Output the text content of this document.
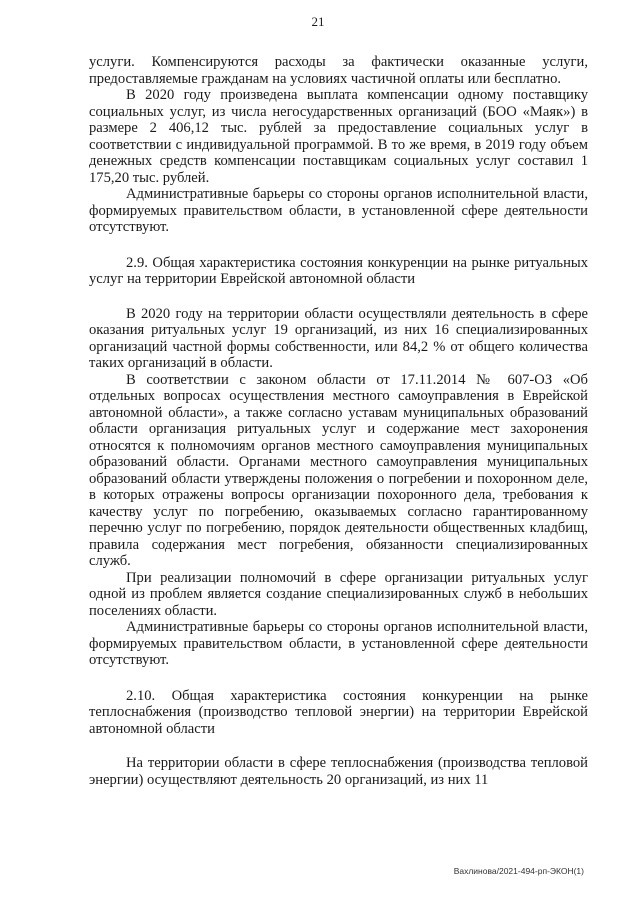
21

услуги. Компенсируются расходы за фактически оказанные услуги, предоставляемые гражданам на условиях частичной оплаты или бесплатно.

В 2020 году произведена выплата компенсации одному поставщику социальных услуг, из числа негосударственных организаций (БОО «Маяк») в размере 2 406,12 тыс. рублей за предоставление социальных услуг в соответствии с индивидуальной программой. В то же время, в 2019 году объем денежных средств компенсации поставщикам социальных услуг составил 1 175,20 тыс. рублей.

Административные барьеры со стороны органов исполнительной власти, формируемых правительством области, в установленной сфере деятельности отсутствуют.

2.9. Общая характеристика состояния конкуренции на рынке ритуальных услуг на территории Еврейской автономной области

В 2020 году на территории области осуществляли деятельность в сфере оказания ритуальных услуг 19 организаций, из них 16 специализированных организаций частной формы собственности, или 84,2 % от общего количества таких организаций в области.

В соответствии с законом области от 17.11.2014 № 607-ОЗ «Об отдельных вопросах осуществления местного самоуправления в Еврейской автономной области», а также согласно уставам муниципальных образований области организация ритуальных услуг и содержание мест захоронения относятся к полномочиям органов местного самоуправления муниципальных образований области. Органами местного самоуправления муниципальных образований области утверждены положения о погребении и похоронном деле, в которых отражены вопросы организации похоронного дела, требования к качеству услуг по погребению, оказываемых согласно гарантированному перечню услуг по погребению, порядок деятельности общественных кладбищ, правила содержания мест погребения, обязанности специализированных служб.

При реализации полномочий в сфере организации ритуальных услуг одной из проблем является создание специализированных служб в небольших поселениях области.

Административные барьеры со стороны органов исполнительной власти, формируемых правительством области, в установленной сфере деятельности отсутствуют.

2.10. Общая характеристика состояния конкуренции на рынке теплоснабжения (производство тепловой энергии) на территории Еврейской автономной области

На территории области в сфере теплоснабжения (производства тепловой энергии) осуществляют деятельность 20 организаций, из них 11

Вахлинова/2021-494-рп-ЭКОН(1)
